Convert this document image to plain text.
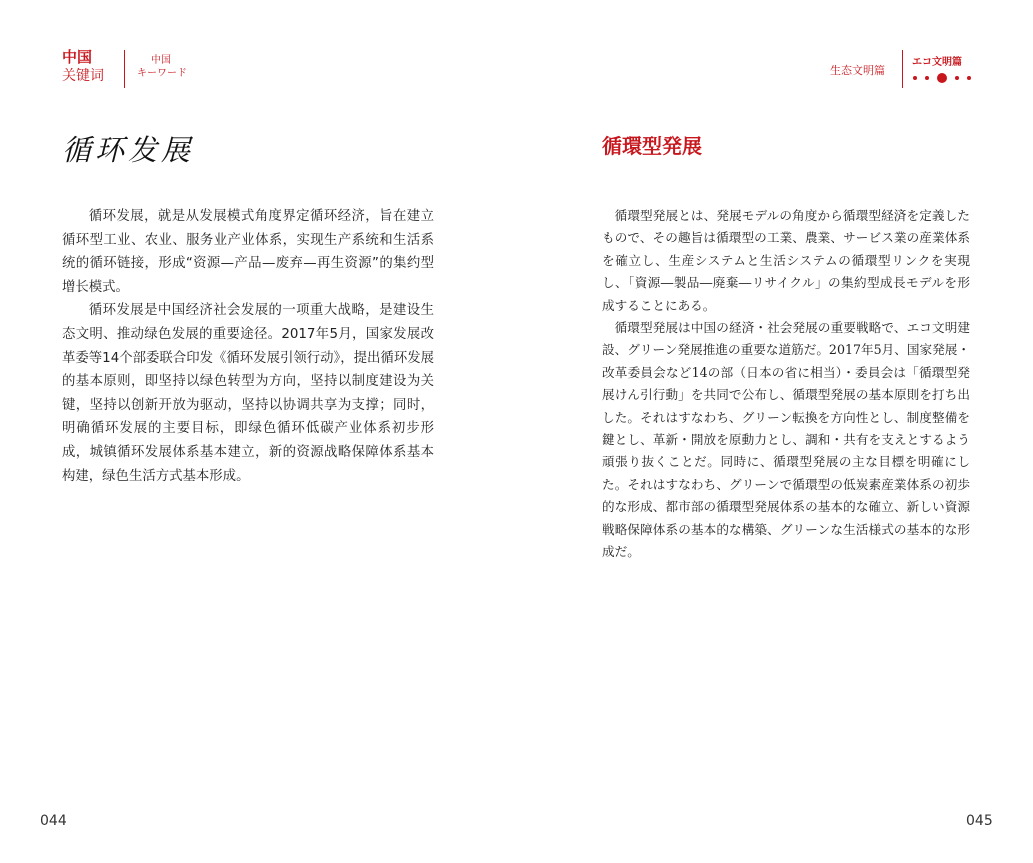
中国
关键词
中国
キーワード	生态文明篇
エコ文明篇
循环发展	循環型発展

循环发展，就是从发展模式角度界定循环经济，旨在建立循环型工业、农业、服务业产业体系，实现生产系统和生活系统的循环链接，形成“资源—产品—废弃—再生资源”的集约型增长模式。

循环发展是中国经济社会发展的一项重大战略，是建设生态文明、推动绿色发展的重要途径。2017年5月，国家发展改革委等14个部委联合印发《循环发展引领行动》，提出循环发展的基本原则，即坚持以绿色转型为方向，坚持以制度建设为关键，坚持以创新开放为驱动，坚持以协调共享为支撑；同时，明确循环发展的主要目标，即绿色循环低碳产业体系初步形成，城镇循环发展体系基本建立，新的资源战略保障体系基本构建，绿色生活方式基本形成。

循環型発展とは、発展モデルの角度から循環型経済を定義したもので、その趣旨は循環型の工業、農業、サービス業の産業体系を確立し、生産システムと生活システムの循環型リンクを実現し、「資源―製品―廃棄―リサイクル」の集約型成長モデルを形成することにある。

循環型発展は中国の経済・社会発展の重要戦略で、エコ文明建設、グリーン発展推進の重要な道筋だ。2017年5月、国家発展・改革委員会など14の部（日本の省に相当）・委員会は「循環型発展けん引行動」を共同で公布し、循環型発展の基本原則を打ち出した。それはすなわち、グリーン転換を方向性とし、制度整備を鍵とし、革新・開放を原動力とし、調和・共有を支えとするよう頑張り抜くことだ。同時に、循環型発展の主な目標を明確にした。それはすなわち、グリーンで循環型の低炭素産業体系の初歩的な形成、都市部の循環型発展体系の基本的な確立、新しい資源戦略保障体系の基本的な構築、グリーンな生活様式の基本的な形成だ。

044	045
